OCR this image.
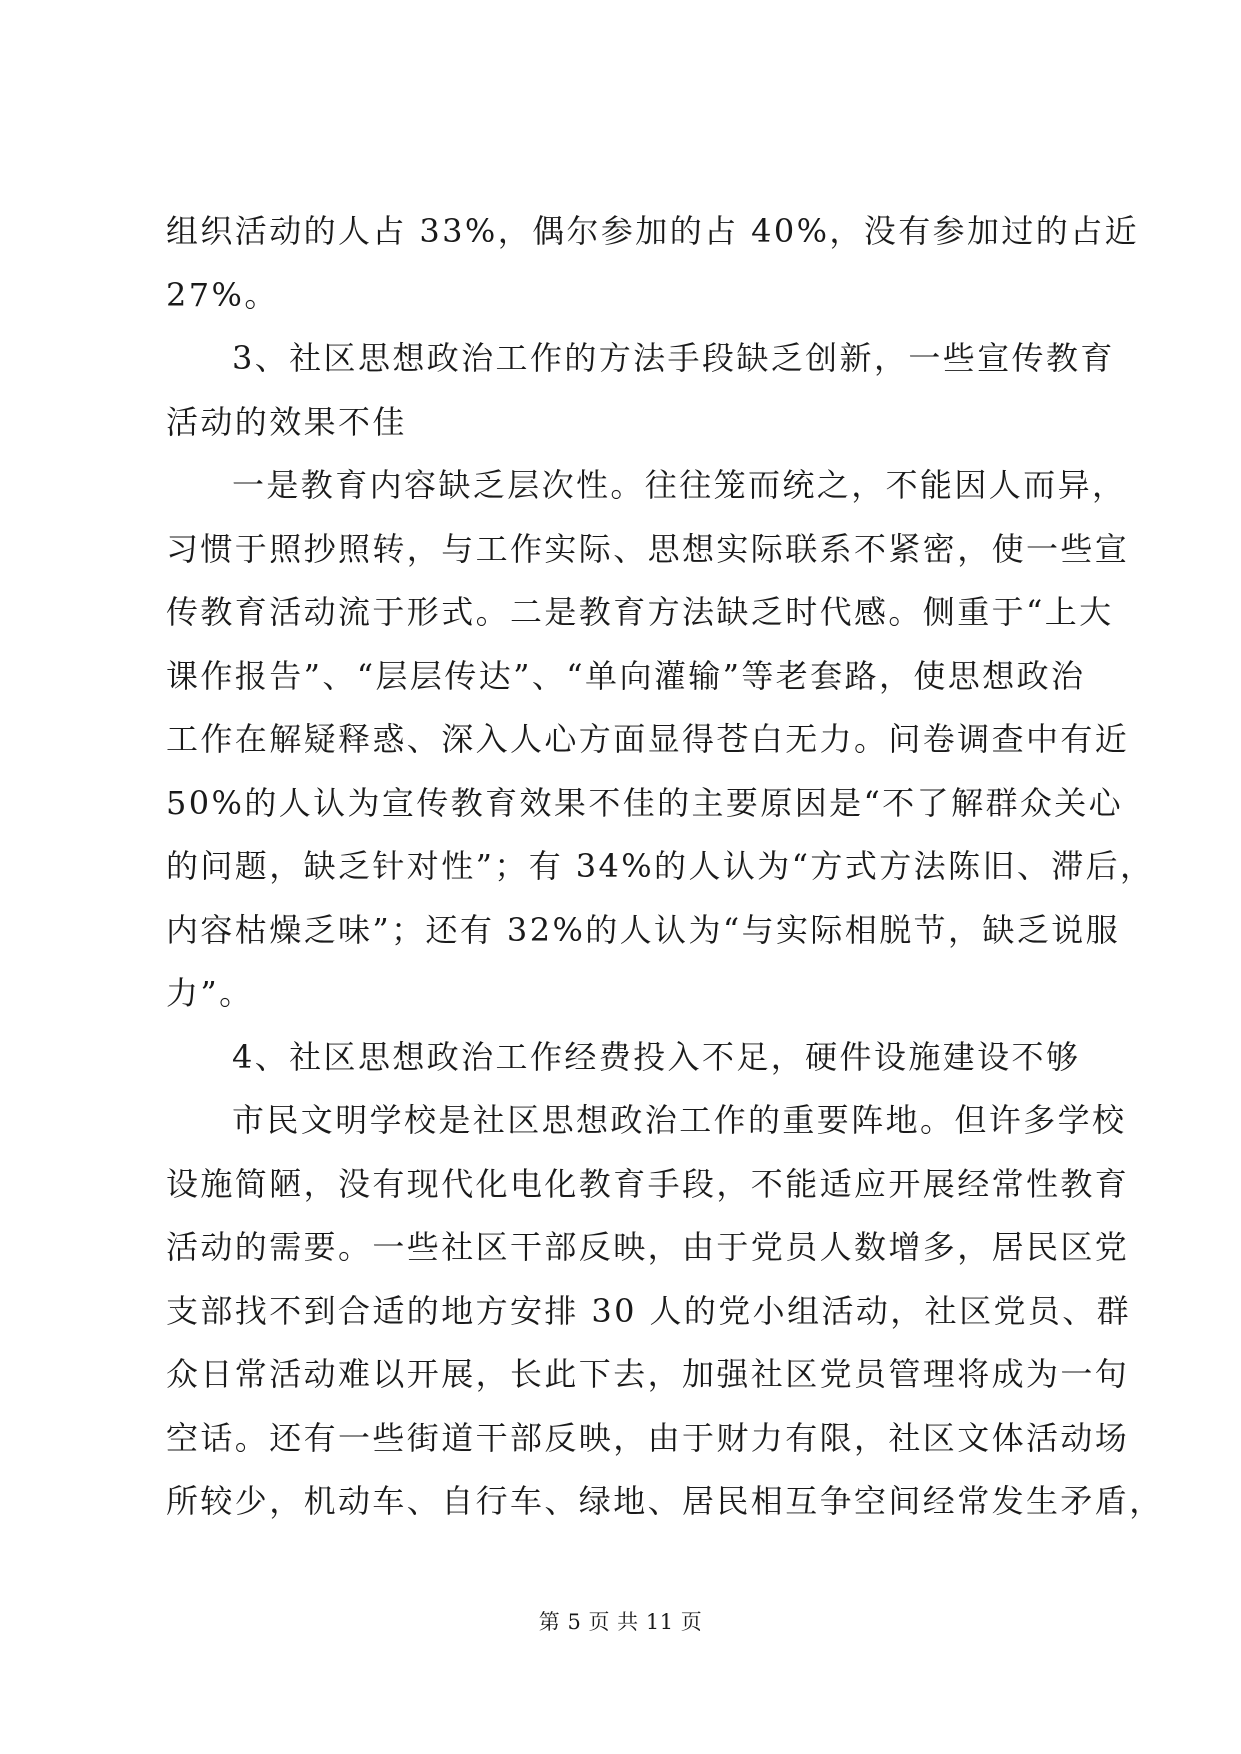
组织活动的人占 33%，偶尔参加的占 40%，没有参加过的占近
27%。
3、社区思想政治工作的方法手段缺乏创新，一些宣传教育
活动的效果不佳
一是教育内容缺乏层次性。往往笼而统之，不能因人而异，
习惯于照抄照转，与工作实际、思想实际联系不紧密，使一些宣
传教育活动流于形式。二是教育方法缺乏时代感。侧重于“上大
课作报告”、“层层传达”、“单向灌输”等老套路，使思想政治
工作在解疑释惑、深入人心方面显得苍白无力。问卷调查中有近
50%的人认为宣传教育效果不佳的主要原因是“不了解群众关心
的问题，缺乏针对性”；有 34%的人认为“方式方法陈旧、滞后，
内容枯燥乏味”；还有 32%的人认为“与实际相脱节，缺乏说服
力”。
4、社区思想政治工作经费投入不足，硬件设施建设不够
市民文明学校是社区思想政治工作的重要阵地。但许多学校
设施简陋，没有现代化电化教育手段，不能适应开展经常性教育
活动的需要。一些社区干部反映，由于党员人数增多，居民区党
支部找不到合适的地方安排 30 人的党小组活动，社区党员、群
众日常活动难以开展，长此下去，加强社区党员管理将成为一句
空话。还有一些街道干部反映，由于财力有限，社区文体活动场
所较少，机动车、自行车、绿地、居民相互争空间经常发生矛盾，
第 5 页 共 11 页
